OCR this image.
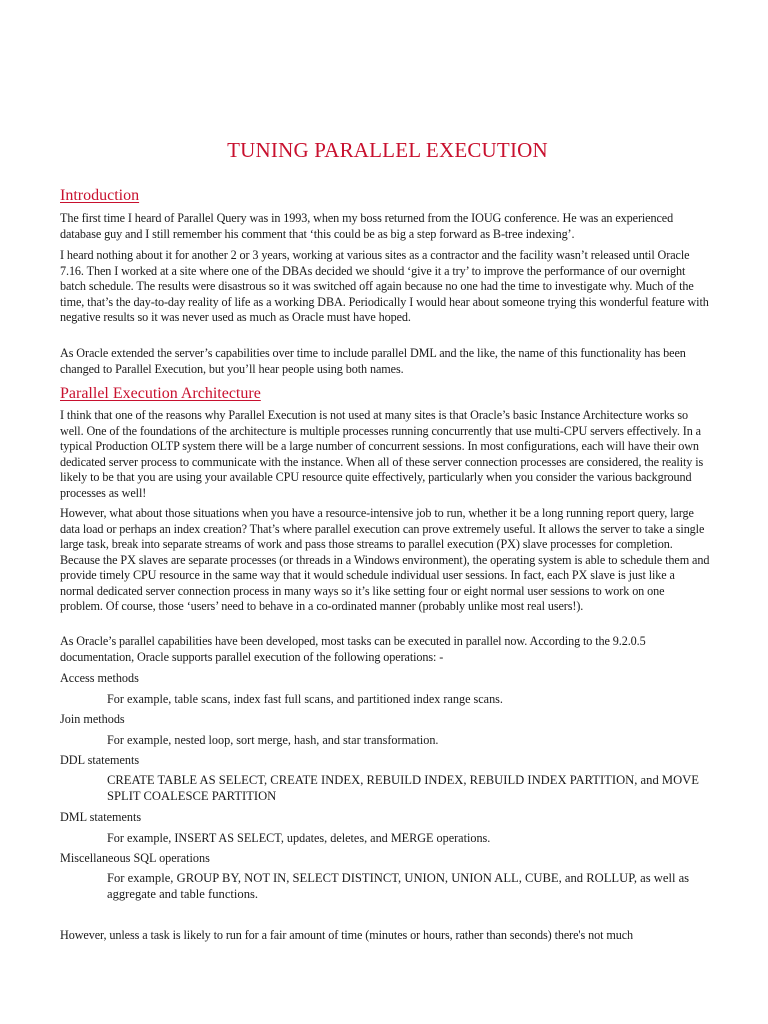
TUNING PARALLEL EXECUTION
Introduction

The first time I heard of Parallel Query was in 1993, when my boss returned from the IOUG conference. He was an experienced database guy and I still remember his comment that ‘this could be as big a step forward as B-tree indexing’.

I heard nothing about it for another 2 or 3 years, working at various sites as a contractor and the facility wasn’t released until Oracle 7.16. Then I worked at a site where one of the DBAs decided we should ‘give it a try’ to improve the performance of our overnight batch schedule. The results were disastrous so it was switched off again because no one had the time to investigate why. Much of the time, that’s the day-to-day reality of life as a working DBA. Periodically I would hear about someone trying this wonderful feature with negative results so it was never used as much as Oracle must have hoped.

As Oracle extended the server’s capabilities over time to include parallel DML and the like, the name of this functionality has been changed to Parallel Execution, but you’ll hear people using both names.

Parallel Execution Architecture

I think that one of the reasons why Parallel Execution is not used at many sites is that Oracle’s basic Instance Architecture works so well. One of the foundations of the architecture is multiple processes running concurrently that use multi-CPU servers effectively. In a typical Production OLTP system there will be a large number of concurrent sessions. In most configurations, each will have their own dedicated server process to communicate with the instance. When all of these server connection processes are considered, the reality is likely to be that you are using your available CPU resource quite effectively, particularly when you consider the various background processes as well!

However, what about those situations when you have a resource-intensive job to run, whether it be a long running report query, large data load or perhaps an index creation? That’s where parallel execution can prove extremely useful. It allows the server to take a single large task, break into separate streams of work and pass those streams to parallel execution (PX) slave processes for completion. Because the PX slaves are separate processes (or threads in a Windows environment), the operating system is able to schedule them and provide timely CPU resource in the same way that it would schedule individual user sessions. In fact, each PX slave is just like a normal dedicated server connection process in many ways so it’s like setting four or eight normal user sessions to work on one problem. Of course, those ‘users’ need to behave in a co-ordinated manner (probably unlike most real users!).

As Oracle’s parallel capabilities have been developed, most tasks can be executed in parallel now. According to the 9.2.0.5 documentation, Oracle supports parallel execution of the following operations: -

Access methods

For example, table scans, index fast full scans, and partitioned index range scans.

Join methods

For example, nested loop, sort merge, hash, and star transformation.

DDL statements

CREATE TABLE AS SELECT, CREATE INDEX, REBUILD INDEX, REBUILD INDEX PARTITION, and MOVE SPLIT COALESCE PARTITION

DML statements

For example, INSERT AS SELECT, updates, deletes, and MERGE operations.

Miscellaneous SQL operations

For example, GROUP BY, NOT IN, SELECT DISTINCT, UNION, UNION ALL, CUBE, and ROLLUP, as well as aggregate and table functions.

However, unless a task is likely to run for a fair amount of time (minutes or hours, rather than seconds) there's not much
